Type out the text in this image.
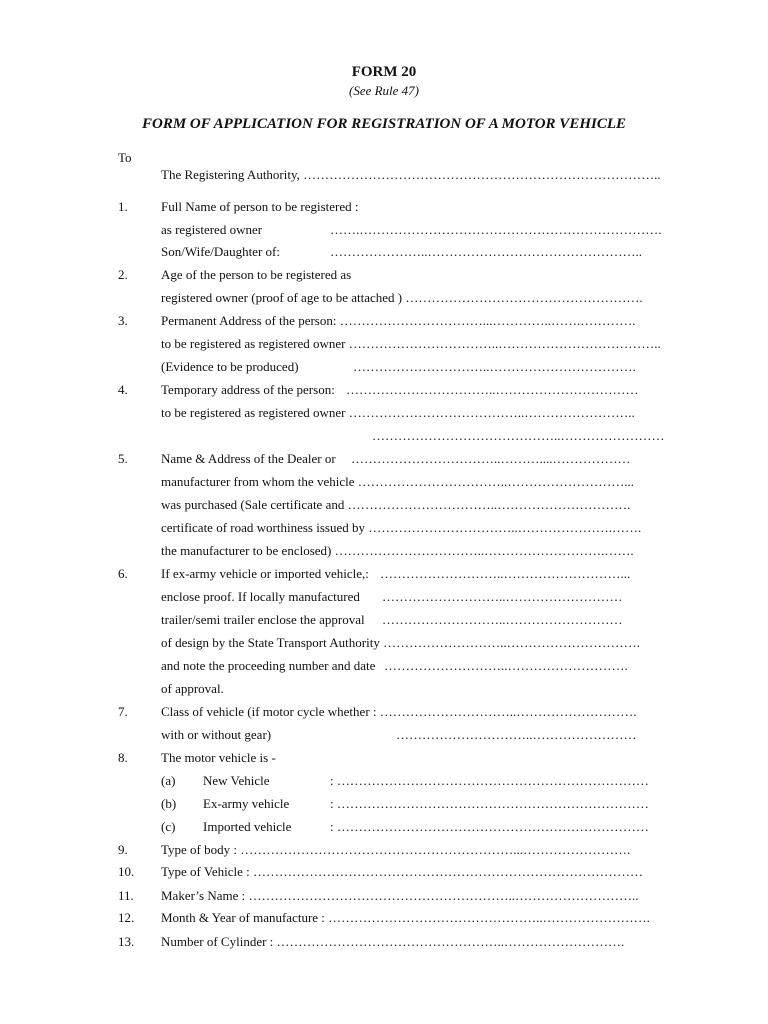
FORM 20
(See Rule 47)
FORM OF APPLICATION FOR REGISTRATION OF A MOTOR VEHICLE
To
The Registering Authority, ………………………………………………………………………..
1.	Full Name of person to be registered :
as registered owner	…….…………………………………………………………….
Son/Wife/Daughter of:	…………………..…………………………………………..
2.	Age of the person to be registered as
registered owner (proof of age to be attached ) ……………………………………………….
3.	Permanent Address of the person: ……………………………...…………..…….………….
to be registered as registered owner ……………………………..………………………………..
(Evidence to be produced)	…………………………..…………………………….
4.	Temporary address of the person: ……………………………..……………………………
to be registered as registered owner …………………………………..……………………..
……………………………………..……………………
5.	Name & Address of the Dealer or ……………………………..………....………………
manufacturer from whom the vehicle ……………………………..………………………...
was purchased (Sale certificate and ……………………………..………………………….
certificate of road worthiness issued by ……………………………..………………….…….
the manufacturer to be enclosed) ……………………………..……………………….…….
6.	If ex-army vehicle or imported vehicle,: ………………………..………………………...
enclose proof. If locally manufactured ………………………..………………………
trailer/semi trailer enclose the approval ………………………..………………………
of design by the State Transport Authority ………………………..………………………….
and note the proceeding number and date ………………………..……………………….
of approval.
7.	Class of vehicle (if motor cycle whether : …………………………..……………………….
with or without gear)	…………………………..……………………
8.	The motor vehicle is -
(a) New Vehicle	: ………………………………………………………………
(b) Ex-army vehicle	: ………………………………………………………………
(c) Imported vehicle	: ………………………………………………………………
9.	Type of body : ………………………………………………………...…………………….
10. Type of Vehicle : ………………………………………………………………………………
11. Maker’s Name : ……………………………………………………..………………………..
12. Month & Year of manufacture : …………………………………………..…………………….
13. Number of Cylinder : ……………………………………………..……………………….
